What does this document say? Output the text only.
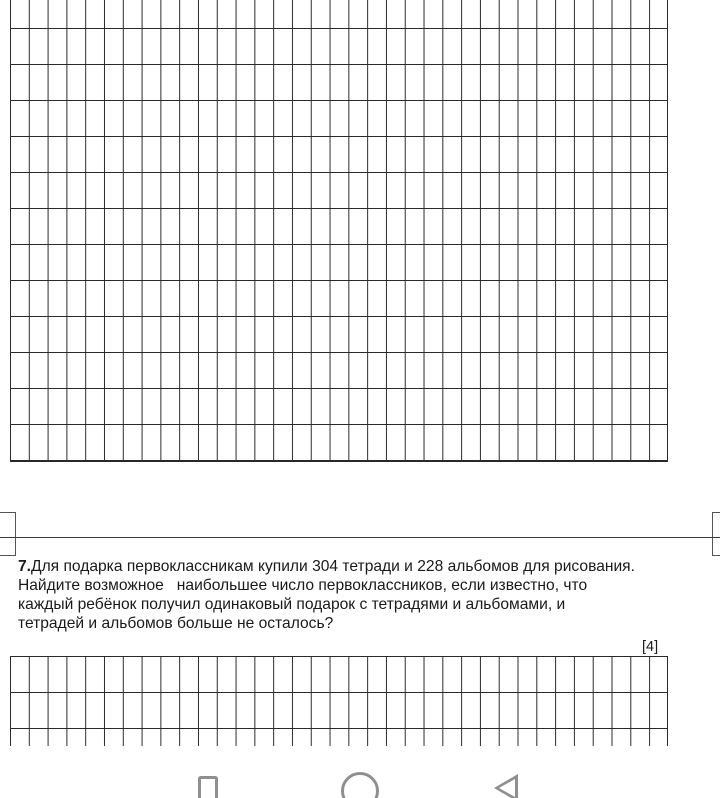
7.Для подарка первоклассникам купили 304 тетради и 228 альбомов для рисования.
Найдите возможное   наибольшее число первоклассников, если известно, что
каждый ребёнок получил одинаковый подарок с тетрадями и альбомами, и
тетрадей и альбомов больше не осталось?
[4]
